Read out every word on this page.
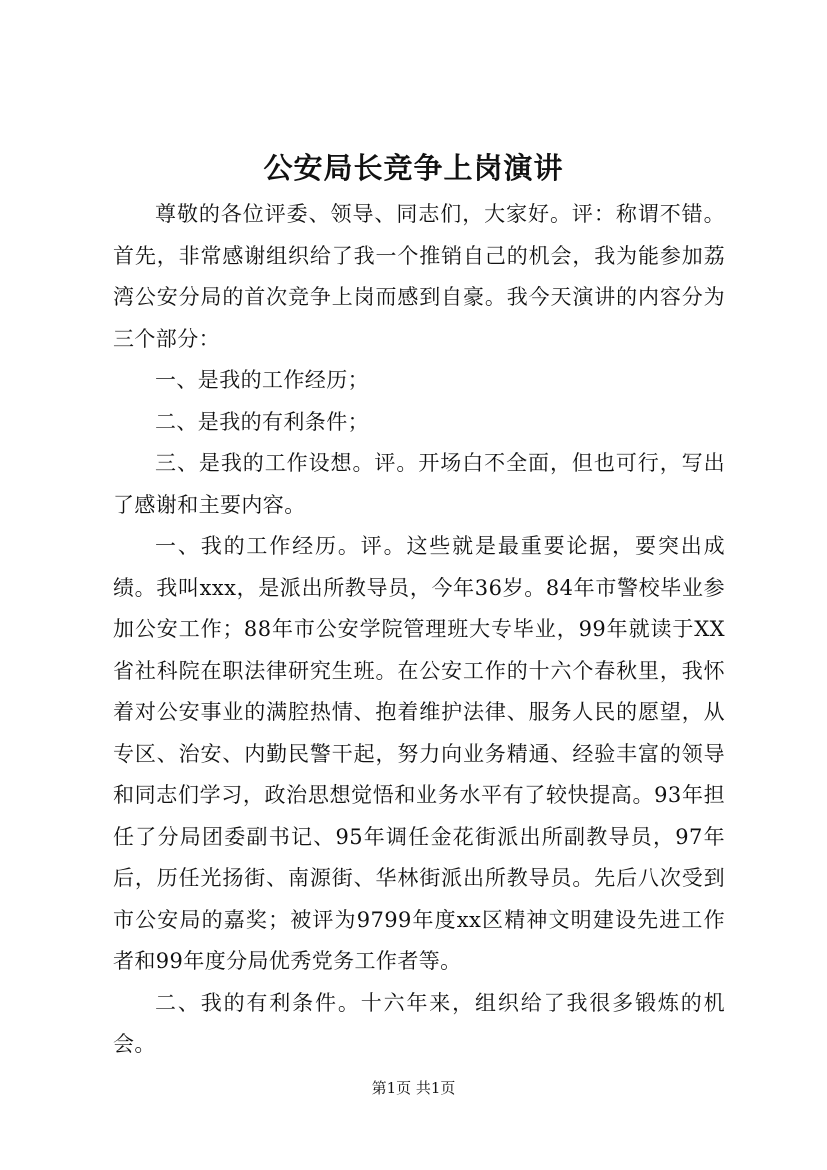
公安局长竞争上岗演讲

尊敬的各位评委、领导、同志们，大家好。评：称谓不错。首先，非常感谢组织给了我一个推销自己的机会，我为能参加荔湾公安分局的首次竞争上岗而感到自豪。我今天演讲的内容分为三个部分：

一、是我的工作经历；

二、是我的有利条件；

三、是我的工作设想。评。开场白不全面，但也可行，写出了感谢和主要内容。

一、我的工作经历。评。这些就是最重要论据，要突出成绩。我叫xxx，是派出所教导员，今年36岁。84年市警校毕业参加公安工作；88年市公安学院管理班大专毕业，99年就读于XX省社科院在职法律研究生班。在公安工作的十六个春秋里，我怀着对公安事业的满腔热情、抱着维护法律、服务人民的愿望，从专区、治安、内勤民警干起，努力向业务精通、经验丰富的领导和同志们学习，政治思想觉悟和业务水平有了较快提高。93年担任了分局团委副书记、95年调任金花街派出所副教导员，97年后，历任光扬街、南源街、华林街派出所教导员。先后八次受到市公安局的嘉奖；被评为9799年度xx区精神文明建设先进工作者和99年度分局优秀党务工作者等。

二、我的有利条件。十六年来，组织给了我很多锻炼的机会。

第1页 共1页
